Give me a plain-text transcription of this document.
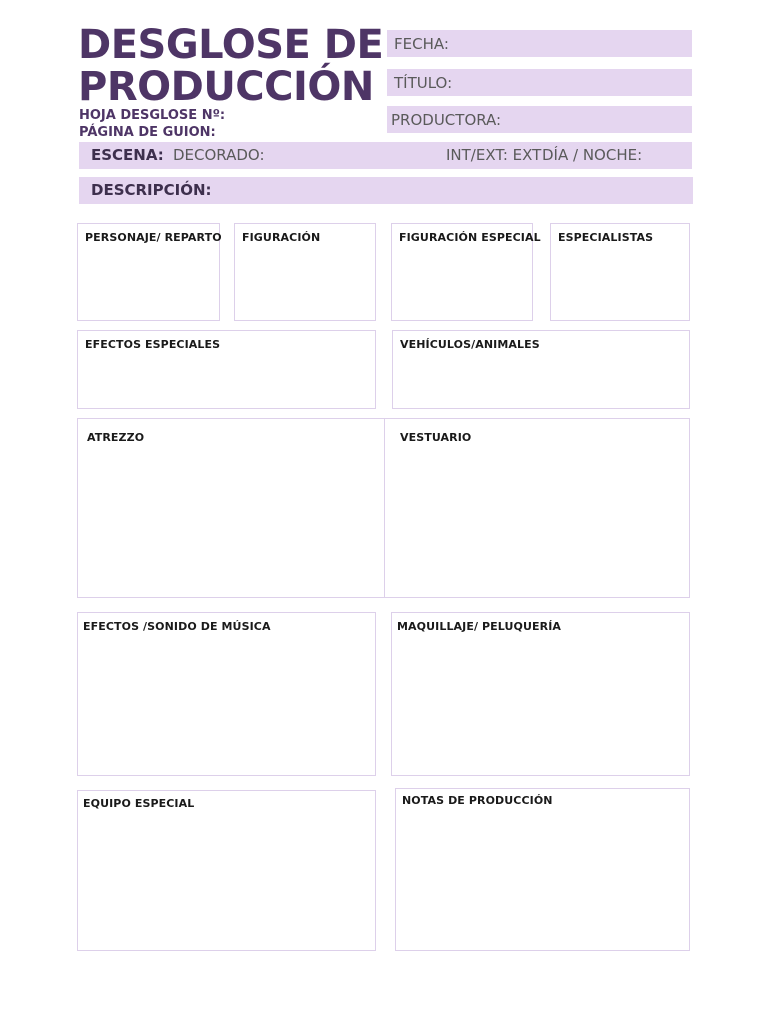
DESGLOSE DE
PRODUCCIÓN
HOJA DESGLOSE Nº:
PÁGINA DE GUION:
FECHA:
TÍTULO:
PRODUCTORA:
ESCENA: DECORADO:	INT/EXT: EXT DÍA / NOCHE:
DESCRIPCIÓN:
PERSONAJE/ REPARTO FIGURACIÓN	FIGURACIÓN ESPECIAL ESPECIALISTAS
EFECTOS ESPECIALES	VEHÍCULOS/ANIMALES
ATREZZO	VESTUARIO
EFECTOS /SONIDO DE MÚSICA	MAQUILLAJE/ PELUQUERÍA
EQUIPO ESPECIAL	NOTAS DE PRODUCCIÓN
